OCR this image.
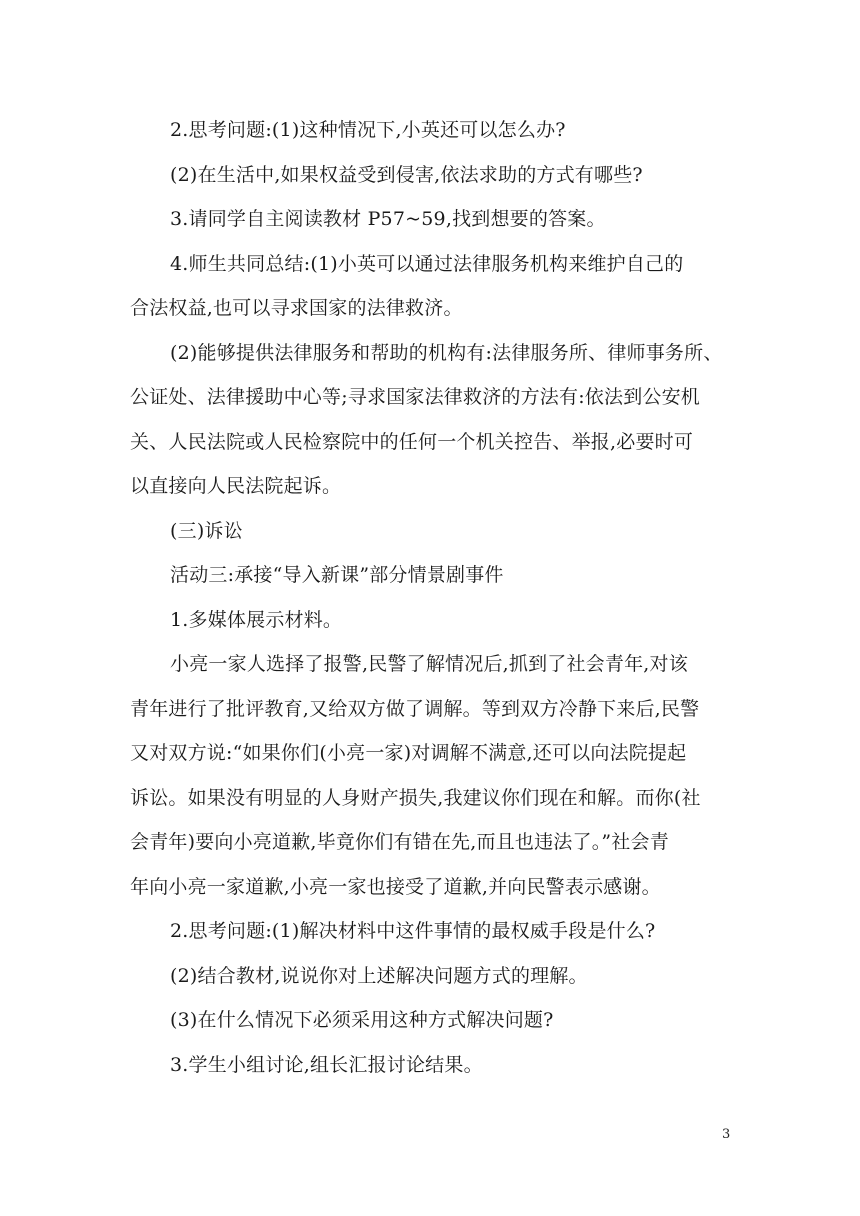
2.思考问题:(1)这种情况下,小英还可以怎么办?

(2)在生活中,如果权益受到侵害,依法求助的方式有哪些?

3.请同学自主阅读教材 P57~59,找到想要的答案。

4.师生共同总结:(1)小英可以通过法律服务机构来维护自己的

合法权益,也可以寻求国家的法律救济。

(2)能够提供法律服务和帮助的机构有:法律服务所、律师事务所、

公证处、法律援助中心等;寻求国家法律救济的方法有:依法到公安机

关、人民法院或人民检察院中的任何一个机关控告、举报,必要时可

以直接向人民法院起诉。

(三)诉讼

活动三:承接“导入新课”部分情景剧事件

1.多媒体展示材料。

小亮一家人选择了报警,民警了解情况后,抓到了社会青年,对该

青年进行了批评教育,又给双方做了调解。等到双方冷静下来后,民警

又对双方说:“如果你们(小亮一家)对调解不满意,还可以向法院提起

诉讼。如果没有明显的人身财产损失,我建议你们现在和解。而你(社

会青年)要向小亮道歉,毕竟你们有错在先,而且也违法了。”社会青

年向小亮一家道歉,小亮一家也接受了道歉,并向民警表示感谢。

2.思考问题:(1)解决材料中这件事情的最权威手段是什么?

(2)结合教材,说说你对上述解决问题方式的理解。

(3)在什么情况下必须采用这种方式解决问题?

3.学生小组讨论,组长汇报讨论结果。

3
